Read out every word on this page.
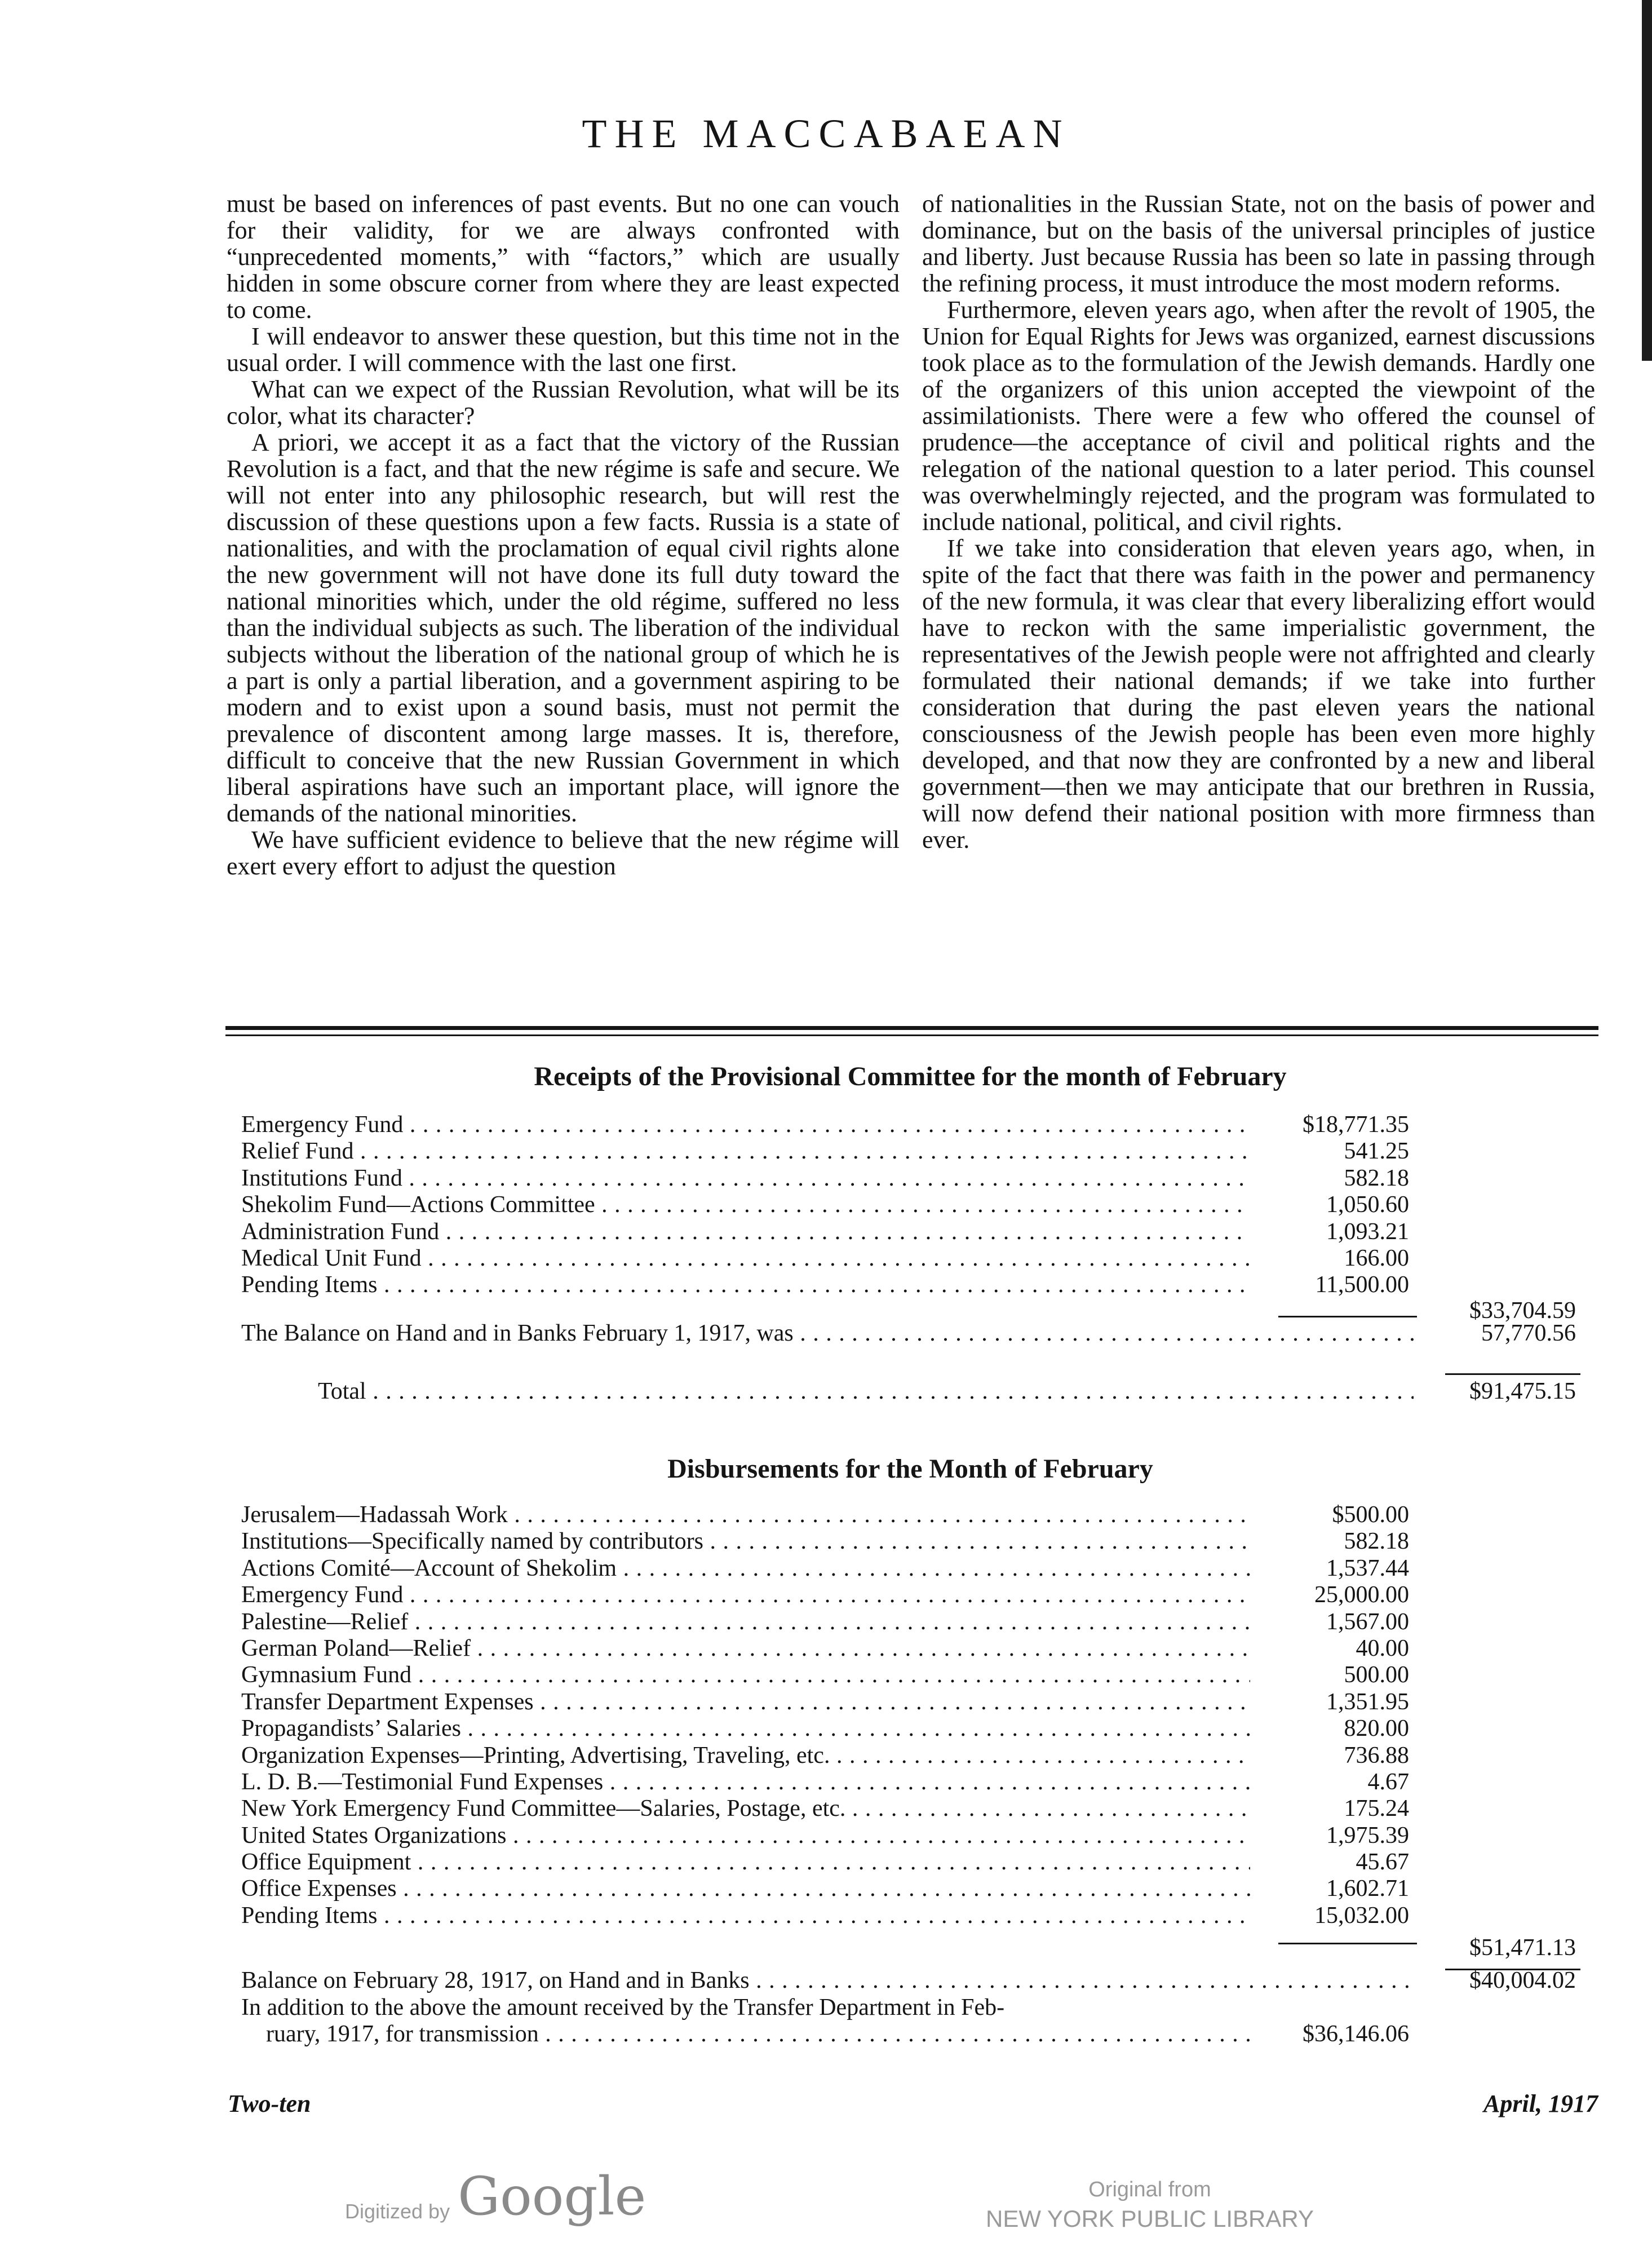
THE MACCABAEAN

must be based on inferences of past events. But no one can vouch for their validity, for we are always confronted with “unprecedented moments,” with “factors,” which are usually hidden in some obscure corner from where they are least expected to come.

I will endeavor to answer these question, but this time not in the usual order. I will commence with the last one first.

What can we expect of the Russian Revolution, what will be its color, what its character?

A priori, we accept it as a fact that the victory of the Russian Revolution is a fact, and that the new régime is safe and secure. We will not enter into any philosophic research, but will rest the discussion of these questions upon a few facts. Russia is a state of nationalities, and with the proclamation of equal civil rights alone the new government will not have done its full duty toward the national minorities which, under the old régime, suffered no less than the individual subjects as such. The liberation of the individual subjects without the liberation of the national group of which he is a part is only a partial liberation, and a government aspiring to be modern and to exist upon a sound basis, must not permit the prevalence of discontent among large masses. It is, therefore, difficult to conceive that the new Russian Government in which liberal aspirations have such an important place, will ignore the demands of the national minorities.

We have sufficient evidence to believe that the new régime will exert every effort to adjust the question

of nationalities in the Russian State, not on the basis of power and dominance, but on the basis of the universal principles of justice and liberty. Just because Russia has been so late in passing through the refining process, it must introduce the most modern reforms.

Furthermore, eleven years ago, when after the revolt of 1905, the Union for Equal Rights for Jews was organized, earnest discussions took place as to the formulation of the Jewish demands. Hardly one of the organizers of this union accepted the viewpoint of the assimilationists. There were a few who offered the counsel of prudence—the acceptance of civil and political rights and the relegation of the national question to a later period. This counsel was overwhelmingly rejected, and the program was formulated to include national, political, and civil rights.

If we take into consideration that eleven years ago, when, in spite of the fact that there was faith in the power and permanency of the new formula, it was clear that every liberalizing effort would have to reckon with the same imperialistic government, the representatives of the Jewish people were not affrighted and clearly formulated their national demands; if we take into further consideration that during the past eleven years the national consciousness of the Jewish people has been even more highly developed, and that now they are confronted by a new and liberal government—then we may anticipate that our brethren in Russia, will now defend their national position with more firmness than ever.

Receipts of the Provisional Committee for the month of February
Emergency Fund . . .	$18,771.35
Relief Fund . . .	541.25
Institutions Fund . . .	582.18
Shekolim Fund—Actions Committee . . .	1,050.60
Administration Fund . . .	1,093.21
Medical Unit Fund . . .	166.00
Pending Items . . .	11,500.00
$33,704.59
The Balance on Hand and in Banks February 1, 1917, was . . .	57,770.56
Total . . .	$91,475.15
Disbursements for the Month of February
Jerusalem—Hadassah Work . . .	$500.00
Institutions—Specifically named by contributors . . .	582.18
Actions Comité—Account of Shekolim . . .	1,537.44
Emergency Fund . . .	25,000.00
Palestine—Relief . . .	1,567.00
German Poland—Relief . . .	40.00
Gymnasium Fund . . .	500.00
Transfer Department Expenses . . .	1,351.95
Propagandists’ Salaries . . .	820.00
Organization Expenses—Printing, Advertising, Traveling, etc. . . .	736.88
L. D. B.—Testimonial Fund Expenses . . .	4.67
New York Emergency Fund Committee—Salaries, Postage, etc. . . .	175.24
United States Organizations . . .	1,975.39
Office Equipment . . .	45.67
Office Expenses . . .	1,602.71
Pending Items . . .	15,032.00
$51,471.13
Balance on February 28, 1917, on Hand and in Banks . . .	$40,004.02
In addition to the above the amount received by the Transfer Department in Feb-
ruary, 1917, for transmission . . .	$36,146.06
Two-ten	April, 1917
Digitized by Google	Original from
NEW YORK PUBLIC LIBRARY
